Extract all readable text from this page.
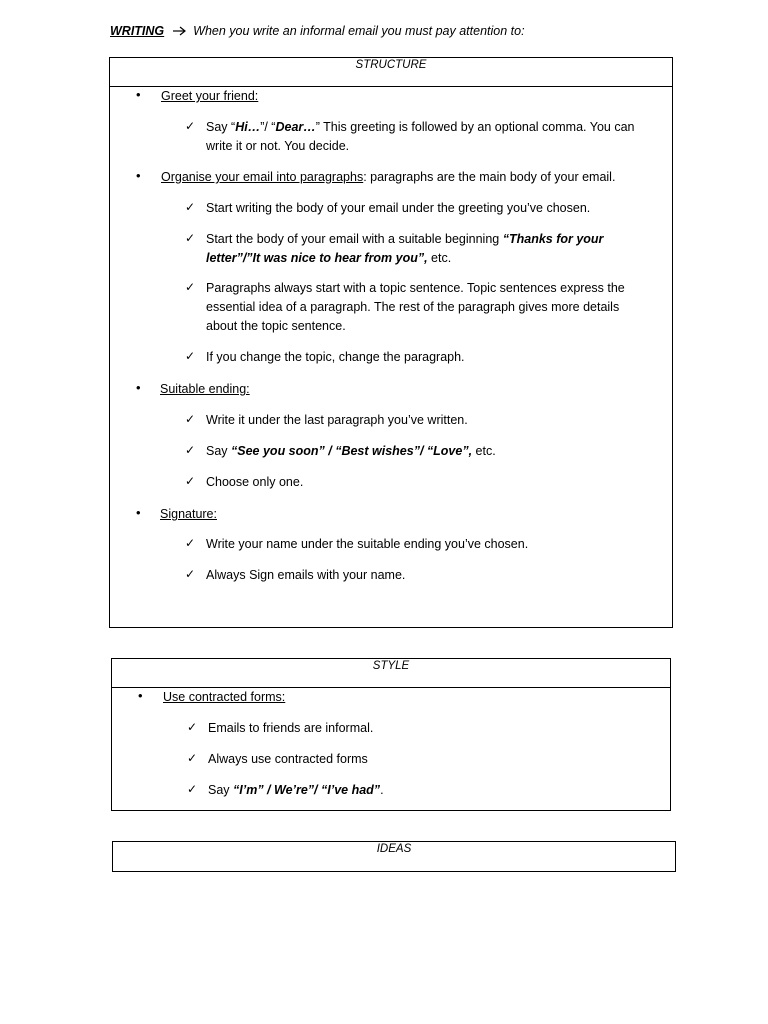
WRITING When you write an informal email you must pay attention to:
STRUCTURE
•
Greet your friend:
✓ Say “Hi…”/ “Dear…” This greeting is followed by an optional comma. You can
write it or not. You decide.
•
Organise your email into paragraphs: paragraphs are the main body of your email.
✓ Start writing the body of your email under the greeting you’ve chosen.
✓ Start the body of your email with a suitable beginning “Thanks for your
letter”/”It was nice to hear from you”, etc.
✓ Paragraphs always start with a topic sentence. Topic sentences express the
essential idea of a paragraph. The rest of the paragraph gives more details
about the topic sentence.
✓ If you change the topic, change the paragraph.
•
Suitable ending:
✓ Write it under the last paragraph you’ve written.
✓ Say “See you soon” / “Best wishes”/ “Love”, etc.
✓ Choose only one.
•
Signature:
✓ Write your name under the suitable ending you’ve chosen.
✓ Always Sign emails with your name.
STYLE
•
Use contracted forms:
✓ Emails to friends are informal.
✓ Always use contracted forms
✓ Say “I’m” / We’re”/ “I’ve had”.
IDEAS
